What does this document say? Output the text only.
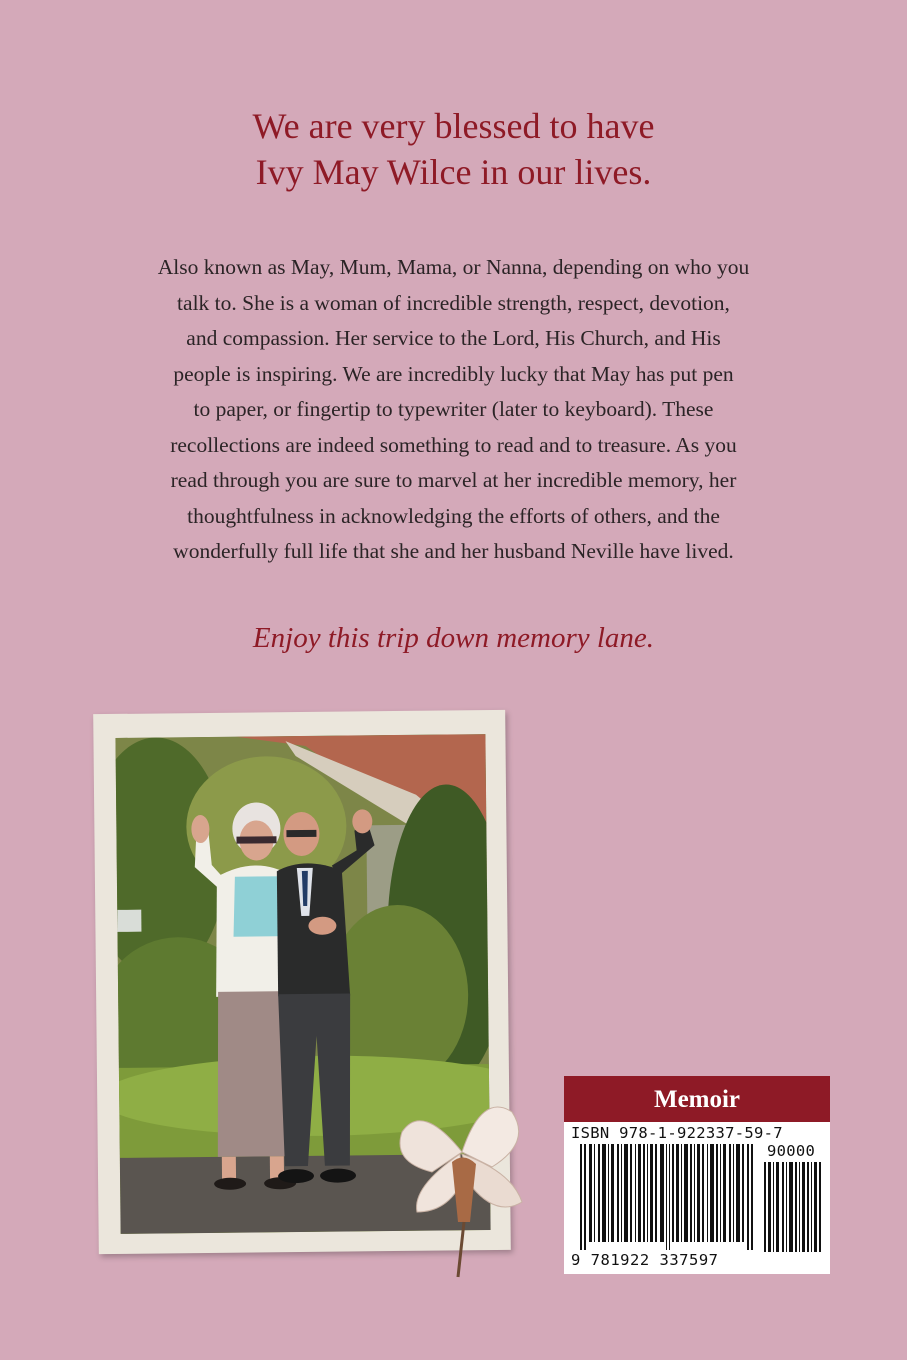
We are very blessed to have
Ivy May Wilce in our lives.
Also known as May, Mum, Mama, or Nanna, depending on who you
talk to. She is a woman of incredible strength, respect, devotion,
and compassion. Her service to the Lord, His Church, and His
people is inspiring. We are incredibly lucky that May has put pen
to paper, or fingertip to typewriter (later to keyboard). These
recollections are indeed something to read and to treasure. As you
read through you are sure to marvel at her incredible memory, her
thoughtfulness in acknowledging the efforts of others, and the
wonderfully full life that she and her husband Neville have lived.
Enjoy this trip down memory lane.
Memoir
ISBN 978-1-922337-59-7
90000
9 781922 337597
